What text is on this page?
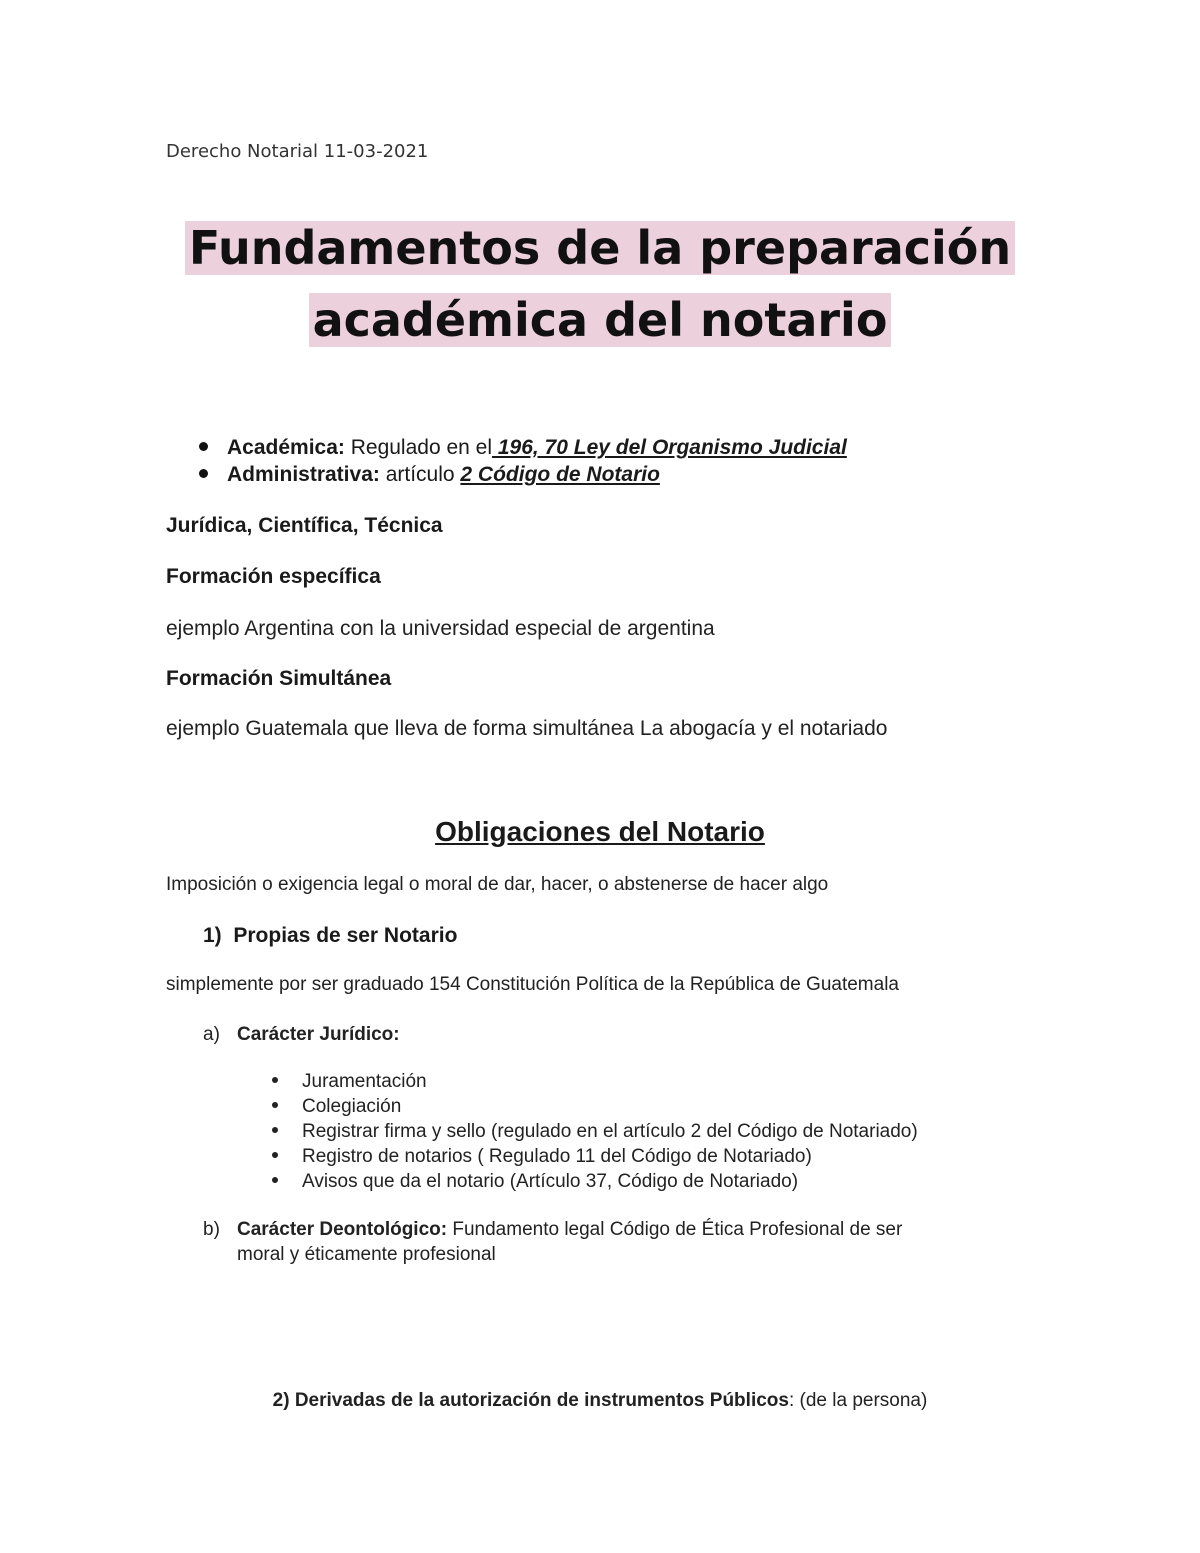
Derecho Notarial 11-03-2021
Fundamentos de la preparación
académica del notario
Académica: Regulado en el 196, 70 Ley del Organismo Judicial
Administrativa: artículo 2 Código de Notario
Jurídica, Científica, Técnica
Formación específica
ejemplo Argentina con la universidad especial de argentina
Formación Simultánea
ejemplo Guatemala que lleva de forma simultánea La abogacía y el notariado
Obligaciones del Notario
Imposición o exigencia legal o moral de dar, hacer, o abstenerse de hacer algo
1) Propias de ser Notario
simplemente por ser graduado 154 Constitución Política de la República de Guatemala
a) Carácter Jurídico:
Juramentación
Colegiación
Registrar firma y sello (regulado en el artículo 2 del Código de Notariado)
Registro de notarios ( Regulado 11 del Código de Notariado)
Avisos que da el notario (Artículo 37, Código de Notariado)
b) Carácter Deontológico: Fundamento legal Código de Ética Profesional de ser
moral y éticamente profesional
2) Derivadas de la autorización de instrumentos Públicos: (de la persona)
